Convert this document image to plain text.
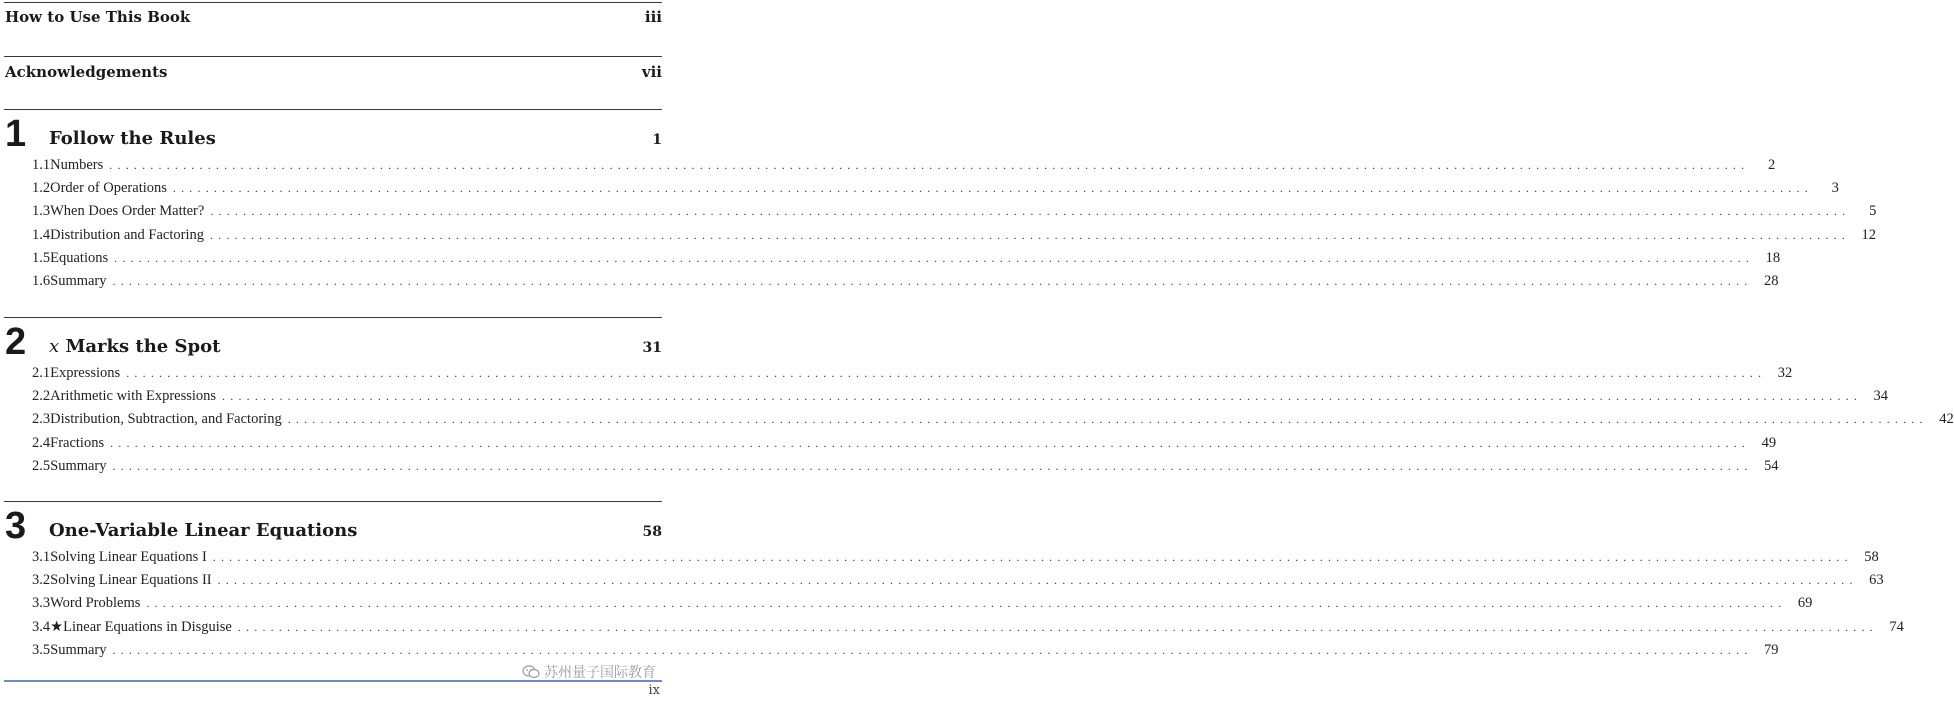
How to Use This Book	iii
Acknowledgements	vii
1	Follow the Rules	1
1.1 Numbers ........................................................................................................................................................................................................	2
1.2 Order of Operations ........................................................................................................................................................................................................	3
1.3 When Does Order Matter? ........................................................................................................................................................................................................	5
1.4 Distribution and Factoring ........................................................................................................................................................................................................ 12
1.5 Equations ........................................................................................................................................................................................................ 18
1.6 Summary ........................................................................................................................................................................................................ 28
2	x Marks the Spot	31
2.1 Expressions ........................................................................................................................................................................................................ 32
2.2 Arithmetic with Expressions ........................................................................................................................................................................................................ 34
2.3 Distribution, Subtraction, and Factoring ........................................................................................................................................................................................................ 42
2.4 Fractions ........................................................................................................................................................................................................ 49
2.5 Summary ........................................................................................................................................................................................................ 54
3	One-Variable Linear Equations	58
3.1 Solving Linear Equations I ........................................................................................................................................................................................................ 58
3.2 Solving Linear Equations II ........................................................................................................................................................................................................ 63
3.3 Word Problems ........................................................................................................................................................................................................ 69
3.4★ Linear Equations in Disguise ........................................................................................................................................................................................................ 74
3.5 Summary ........................................................................................................................................................................................................ 79
苏州量子国际教育
ix
